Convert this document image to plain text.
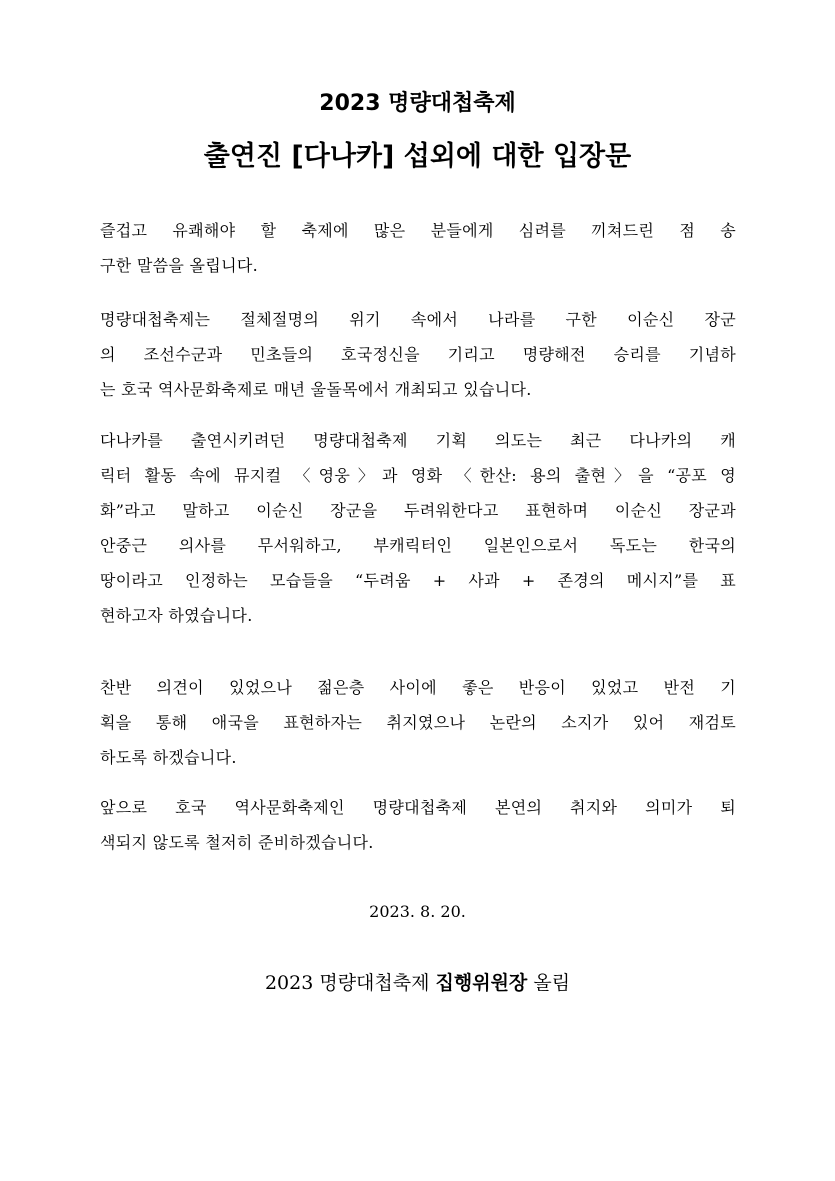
2023 명량대첩축제
출연진 [다나카] 섭외에 대한 입장문
즐겁고 유쾌해야 할 축제에 많은 분들에게 심려를 끼쳐드린 점 송
구한 말씀을 올립니다.
명량대첩축제는 절체절명의 위기 속에서 나라를 구한 이순신 장군
의 조선수군과 민초들의 호국정신을 기리고 명량해전 승리를 기념하
는 호국 역사문화축제로 매년 울돌목에서 개최되고 있습니다.
다나카를 출연시키려던 명량대첩축제 기획 의도는 최근 다나카의 캐
릭터 활동 속에 뮤지컬 〈영웅〉과 영화 〈한산: 용의 출현〉을 “공포 영
화”라고 말하고 이순신 장군을 두려워한다고 표현하며 이순신 장군과
안중근 의사를 무서워하고, 부캐릭터인 일본인으로서 독도는 한국의
땅이라고 인정하는 모습들을 “두려움 + 사과 + 존경의 메시지”를 표
현하고자 하였습니다.
찬반 의견이 있었으나 젊은층 사이에 좋은 반응이 있었고 반전 기
획을 통해 애국을 표현하자는 취지였으나 논란의 소지가 있어 재검토
하도록 하겠습니다.
앞으로 호국 역사문화축제인 명량대첩축제 본연의 취지와 의미가 퇴
색되지 않도록 철저히 준비하겠습니다.
2023. 8. 20.
2023 명량대첩축제 집행위원장 올림
